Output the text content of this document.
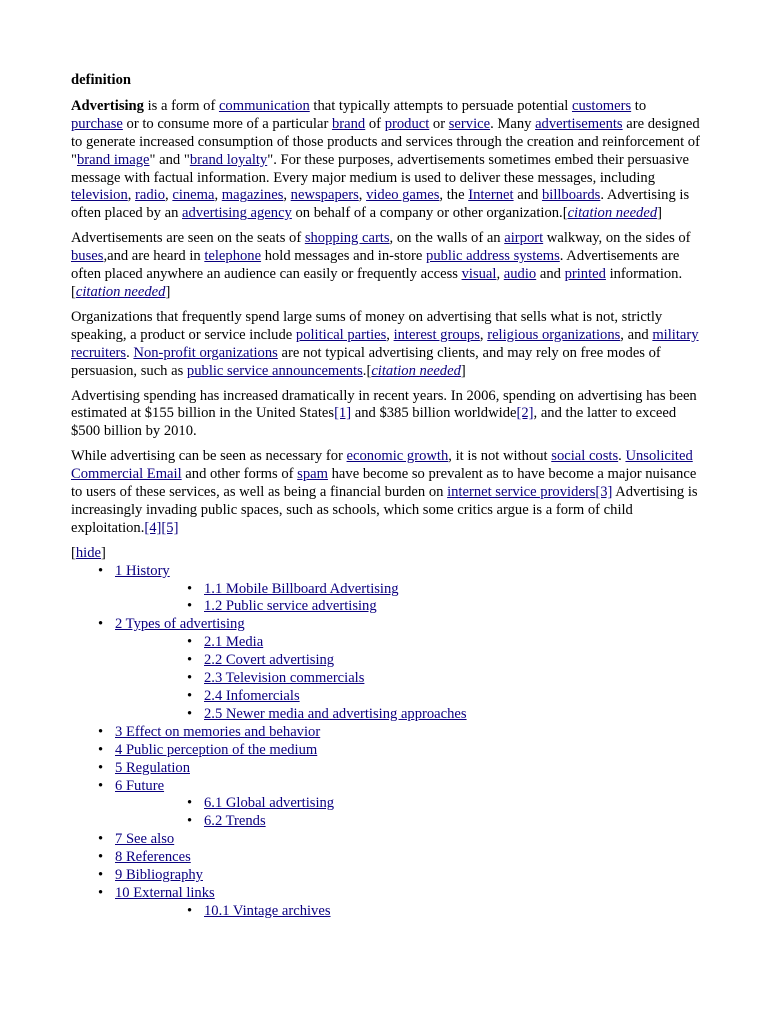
definition

Advertising is a form of communication that typically attempts to persuade potential customers to purchase or to consume more of a particular brand of product or service. Many advertisements are designed to generate increased consumption of those products and services through the creation and reinforcement of "brand image" and "brand loyalty". For these purposes, advertisements sometimes embed their persuasive message with factual information. Every major medium is used to deliver these messages, including television, radio, cinema, magazines, newspapers, video games, the Internet and billboards. Advertising is often placed by an advertising agency on behalf of a company or other organization.[citation needed]

Advertisements are seen on the seats of shopping carts, on the walls of an airport walkway, on the sides of buses,and are heard in telephone hold messages and in-store public address systems. Advertisements are often placed anywhere an audience can easily or frequently access visual, audio and printed information.[citation needed]

Organizations that frequently spend large sums of money on advertising that sells what is not, strictly speaking, a product or service include political parties, interest groups, religious organizations, and military recruiters. Non-profit organizations are not typical advertising clients, and may rely on free modes of persuasion, such as public service announcements.[citation needed]

Advertising spending has increased dramatically in recent years. In 2006, spending on advertising has been estimated at $155 billion in the United States[1] and $385 billion worldwide[2], and the latter to exceed $500 billion by 2010.

While advertising can be seen as necessary for economic growth, it is not without social costs. Unsolicited Commercial Email and other forms of spam have become so prevalent as to have become a major nuisance to users of these services, as well as being a financial burden on internet service providers[3] Advertising is increasingly invading public spaces, such as schools, which some critics argue is a form of child exploitation.[4][5]

[hide]
• 1 History
• 1.1 Mobile Billboard Advertising
• 1.2 Public service advertising
• 2 Types of advertising
• 2.1 Media
• 2.2 Covert advertising
• 2.3 Television commercials
• 2.4 Infomercials
• 2.5 Newer media and advertising approaches
• 3 Effect on memories and behavior
• 4 Public perception of the medium
• 5 Regulation
• 6 Future
• 6.1 Global advertising
• 6.2 Trends
• 7 See also
• 8 References
• 9 Bibliography
• 10 External links
• 10.1 Vintage archives
